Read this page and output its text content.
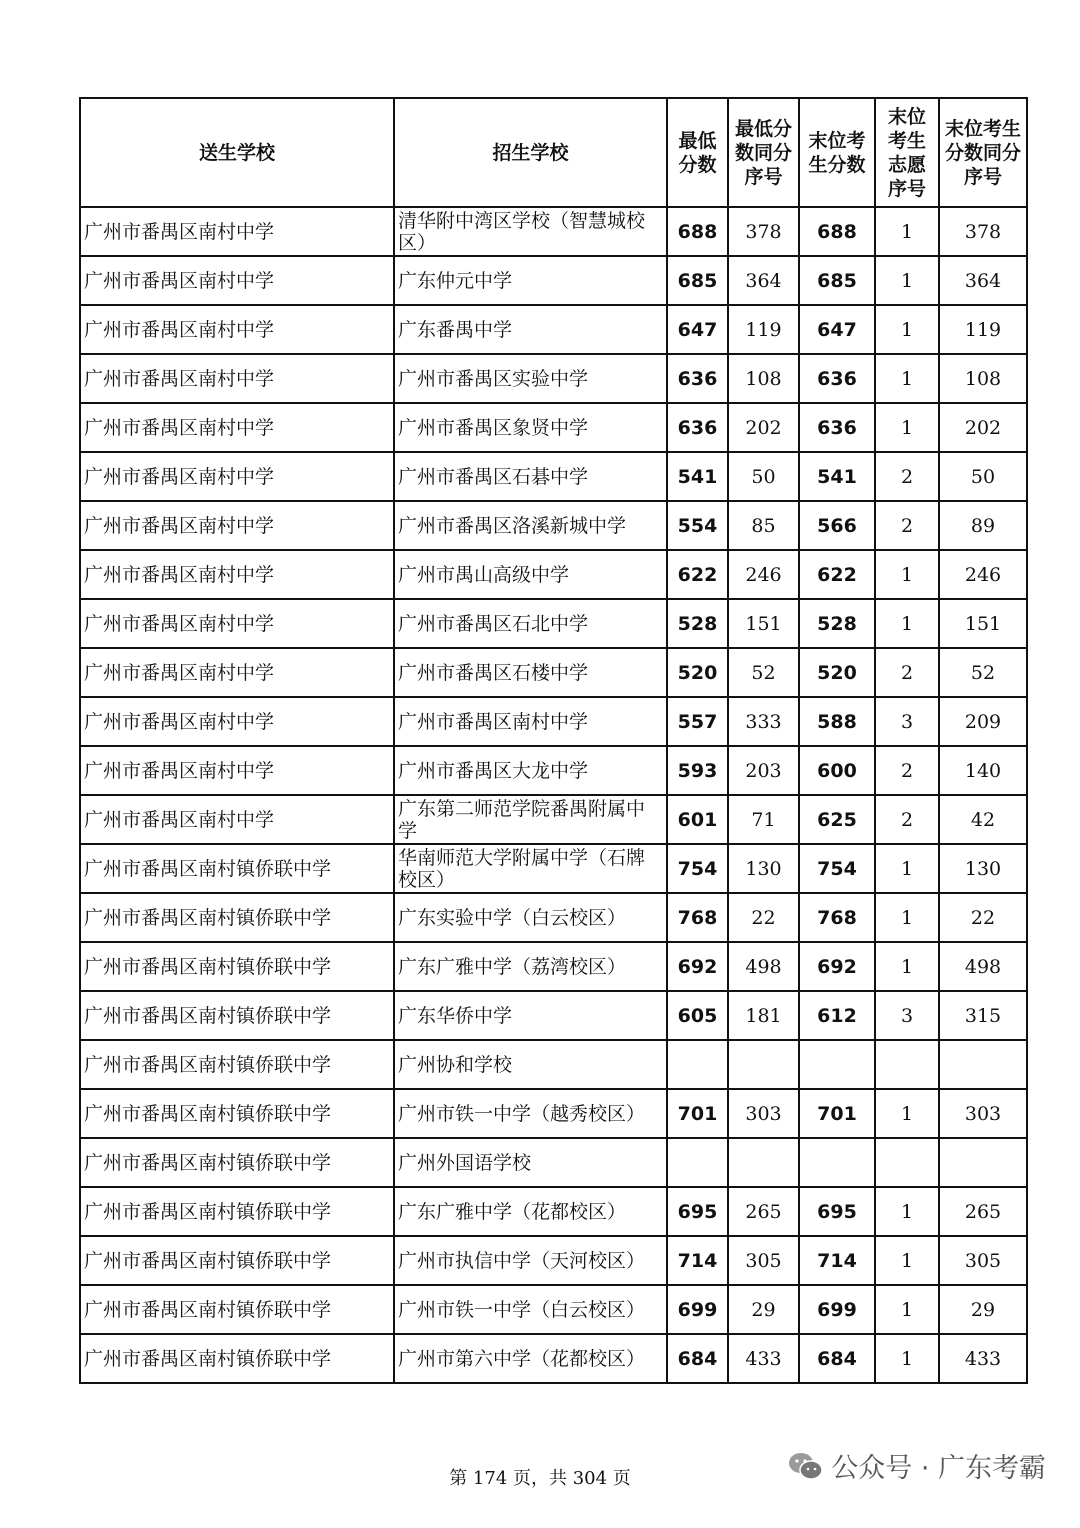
送生学校	招生学校	最低分数	最低分数同分序号	末位考生分数	末位考生志愿序号	末位考生分数同分序号
广州市番禺区南村中学	清华附中湾区学校（智慧城校区）	688	378	688	1	378
广州市番禺区南村中学	广东仲元中学	685	364	685	1	364
广州市番禺区南村中学	广东番禺中学	647	119	647	1	119
广州市番禺区南村中学	广州市番禺区实验中学	636	108	636	1	108
广州市番禺区南村中学	广州市番禺区象贤中学	636	202	636	1	202
广州市番禺区南村中学	广州市番禺区石碁中学	541	50	541	2	50
广州市番禺区南村中学	广州市番禺区洛溪新城中学	554	85	566	2	89
广州市番禺区南村中学	广州市禺山高级中学	622	246	622	1	246
广州市番禺区南村中学	广州市番禺区石北中学	528	151	528	1	151
广州市番禺区南村中学	广州市番禺区石楼中学	520	52	520	2	52
广州市番禺区南村中学	广州市番禺区南村中学	557	333	588	3	209
广州市番禺区南村中学	广州市番禺区大龙中学	593	203	600	2	140
广州市番禺区南村中学	广东第二师范学院番禺附属中学	601	71	625	2	42
广州市番禺区南村镇侨联中学	华南师范大学附属中学（石牌校区）	754	130	754	1	130
广州市番禺区南村镇侨联中学	广东实验中学（白云校区）	768	22	768	1	22
广州市番禺区南村镇侨联中学	广东广雅中学（荔湾校区）	692	498	692	1	498
广州市番禺区南村镇侨联中学	广东华侨中学	605	181	612	3	315
广州市番禺区南村镇侨联中学	广州协和学校					
广州市番禺区南村镇侨联中学	广州市铁一中学（越秀校区）	701	303	701	1	303
广州市番禺区南村镇侨联中学	广州外国语学校					
广州市番禺区南村镇侨联中学	广东广雅中学（花都校区）	695	265	695	1	265
广州市番禺区南村镇侨联中学	广州市执信中学（天河校区）	714	305	714	1	305
广州市番禺区南村镇侨联中学	广州市铁一中学（白云校区）	699	29	699	1	29
广州市番禺区南村镇侨联中学	广州市第六中学（花都校区）	684	433	684	1	433
第 174 页，共 304 页	公众号 · 广东考霸
